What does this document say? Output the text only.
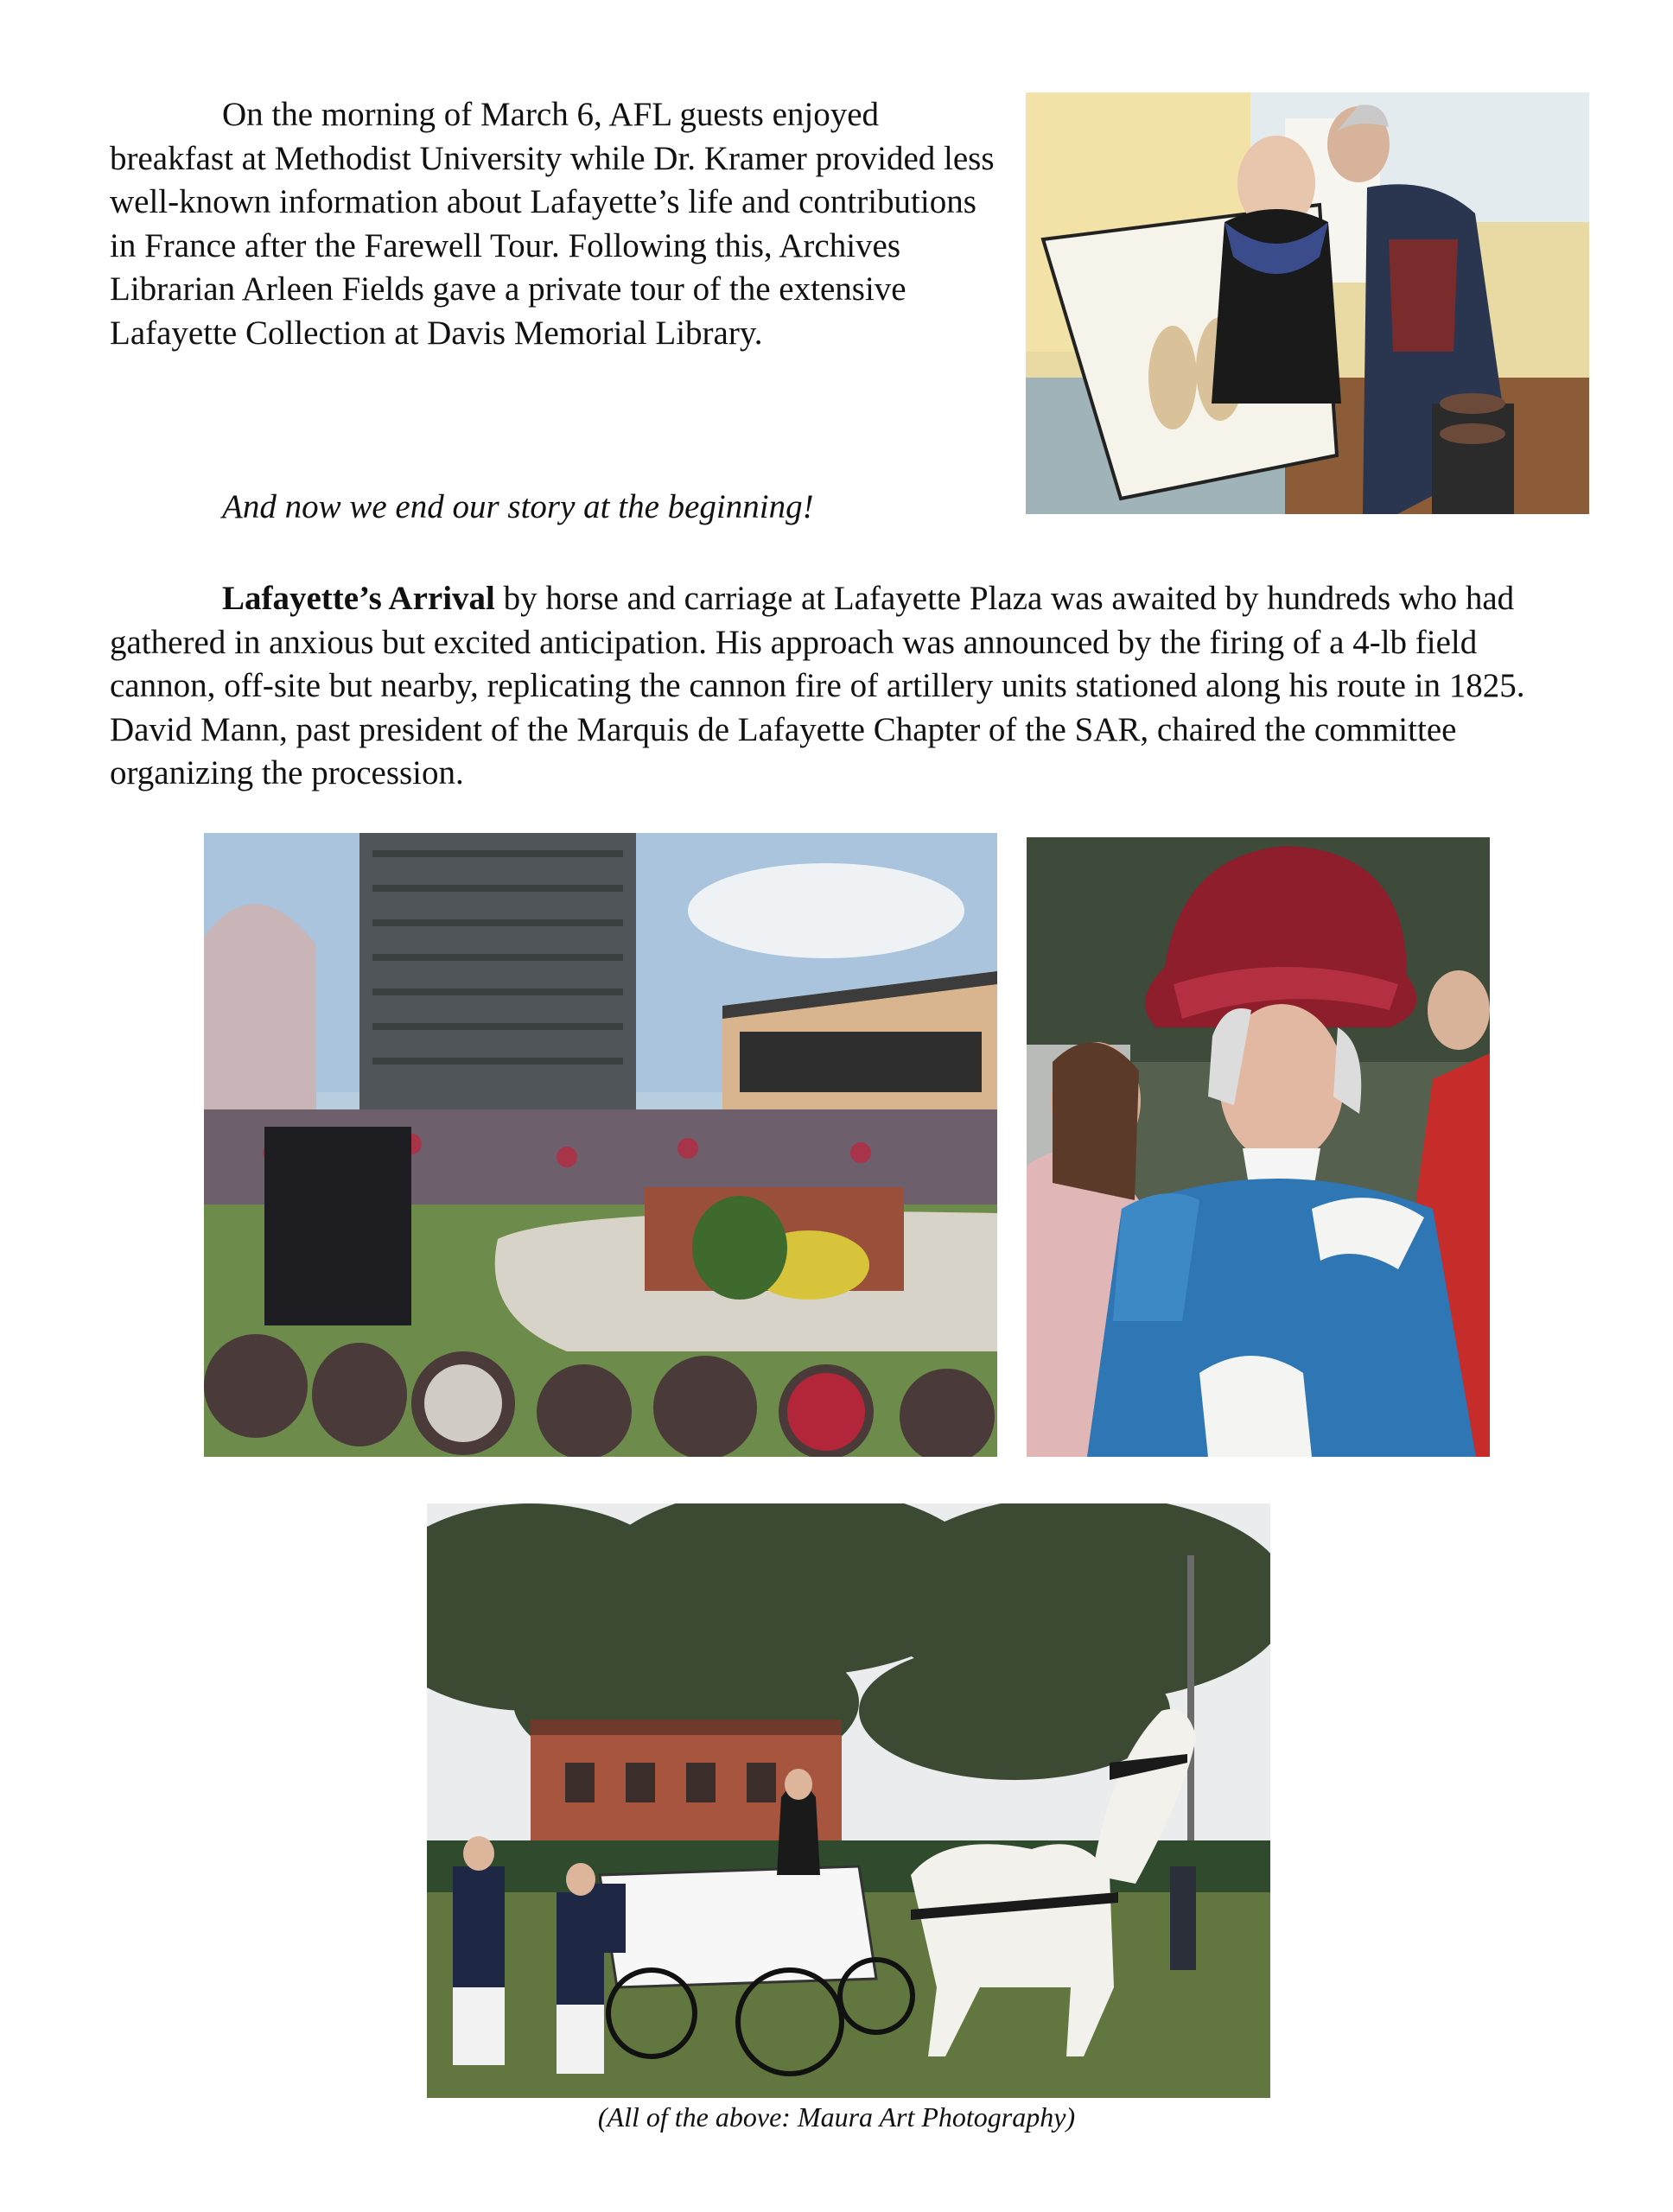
On the morning of March 6, AFL guests enjoyed breakfast at Methodist University while Dr. Kramer provided less well-known information about Lafayette’s life and contributions in France after the Farewell Tour. Following this, Archives Librarian Arleen Fields gave a private tour of the extensive Lafayette Collection at Davis Memorial Library.

And now we end our story at the beginning!

Lafayette’s Arrival by horse and carriage at Lafayette Plaza was awaited by hundreds who had gathered in anxious but excited anticipation. His approach was announced by the firing of a 4-lb field cannon, off-site but nearby, replicating the cannon fire of artillery units stationed along his route in 1825. David Mann, past president of the Marquis de Lafayette Chapter of the SAR, chaired the committee organizing the procession.

(All of the above: Maura Art Photography)
